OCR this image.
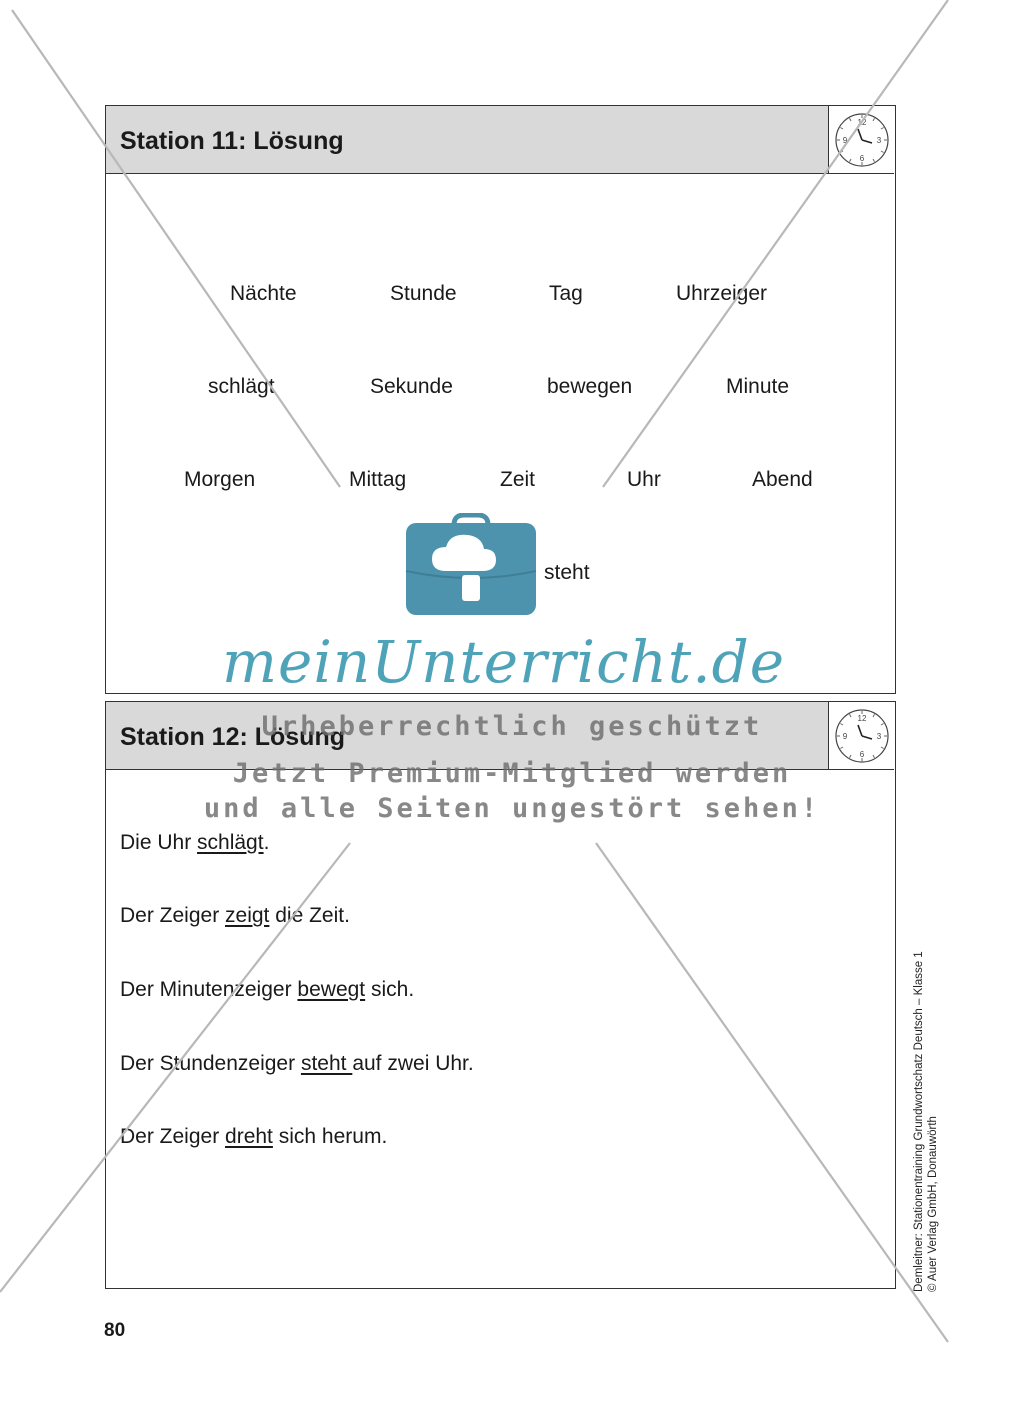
Station 11: Lösung
12
3
6
9
Nächte	Stunde	Tag	Uhrzeiger
schlägt	Sekunde	bewegen	Minute
Morgen	Mittag	Zeit	Uhr	Abend
steht
Station 12: Lösung
12
3
6
9
Die Uhr schlägt.
Der Zeiger zeigt die Zeit.
Der Minutenzeiger bewegt sich.
Der Stundenzeiger steht auf zwei Uhr.
Der Zeiger dreht sich herum.
80
Demleitner: Stationentraining Grundwortschatz Deutsch – Klasse 1 © Auer Verlag GmbH, Donauwörth
meinUnterricht.de
Urheberrechtlich geschützt
Jetzt Premium-Mitglied werden
und alle Seiten ungestört sehen!
